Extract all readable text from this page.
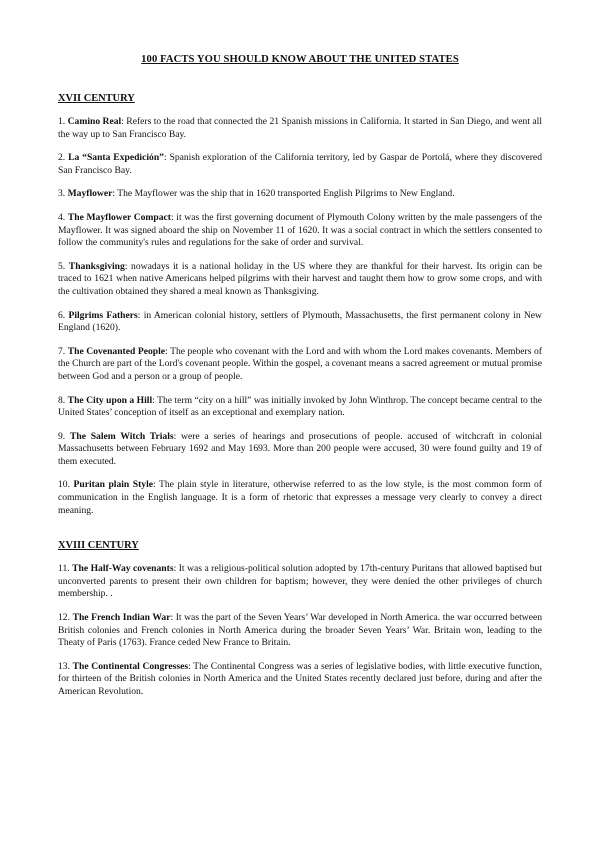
100 FACTS YOU SHOULD KNOW ABOUT THE UNITED STATES
XVII CENTURY

1. Camino Real: Refers to the road that connected the 21 Spanish missions in California. It started in San Diego, and went all the way up to San Francisco Bay.

2. La “Santa Expedición”: Spanish exploration of the California territory, led by Gaspar de Portolá, where they discovered San Francisco Bay.

3. Mayflower: The Mayflower was the ship that in 1620 transported English Pilgrims to New England.

4. The Mayflower Compact: it was the first governing document of Plymouth Colony written by the male passengers of the Mayflower. It was signed aboard the ship on November 11 of 1620. It was a social contract in which the settlers consented to follow the community's rules and regulations for the sake of order and survival.

5. Thanksgiving: nowadays it is a national holiday in the US where they are thankful for their harvest. Its origin can be traced to 1621 when native Americans helped pilgrims with their harvest and taught them how to grow some crops, and with the cultivation obtained they shared a meal known as Thanksgiving.

6. Pilgrims Fathers: in American colonial history, settlers of Plymouth, Massachusetts, the first permanent colony in New England (1620).

7. The Covenanted People: The people who covenant with the Lord and with whom the Lord makes covenants. Members of the Church are part of the Lord's covenant people. Within the gospel, a covenant means a sacred agreement or mutual promise between God and a person or a group of people.

8. The City upon a Hill: The term “city on a hill” was initially invoked by John Winthrop. The concept became central to the United States’ conception of itself as an exceptional and exemplary nation.

9. The Salem Witch Trials: were a series of hearings and prosecutions of people. accused of witchcraft in colonial Massachusetts between February 1692 and May 1693. More than 200 people were accused, 30 were found guilty and 19 of them executed.

10. Puritan plain Style: The plain style in literature, otherwise referred to as the low style, is the most common form of communication in the English language. It is a form of rhetoric that expresses a message very clearly to convey a direct meaning.

XVIII CENTURY

11. The Half-Way covenants: It was a religious-political solution adopted by 17th-century Puritans that allowed baptised but unconverted parents to present their own children for baptism; however, they were denied the other privileges of church membership. .

12. The French Indian War: It was the part of the Seven Years’ War developed in North America. the war occurred between British colonies and French colonies in North America during the broader Seven Years’ War. Britain won, leading to the Theaty of Paris (1763). France ceded New France to Britain.

13. The Continental Congresses: The Continental Congress was a series of legislative bodies, with little executive function, for thirteen of the British colonies in North America and the United States recently declared just before, during and after the American Revolution.
